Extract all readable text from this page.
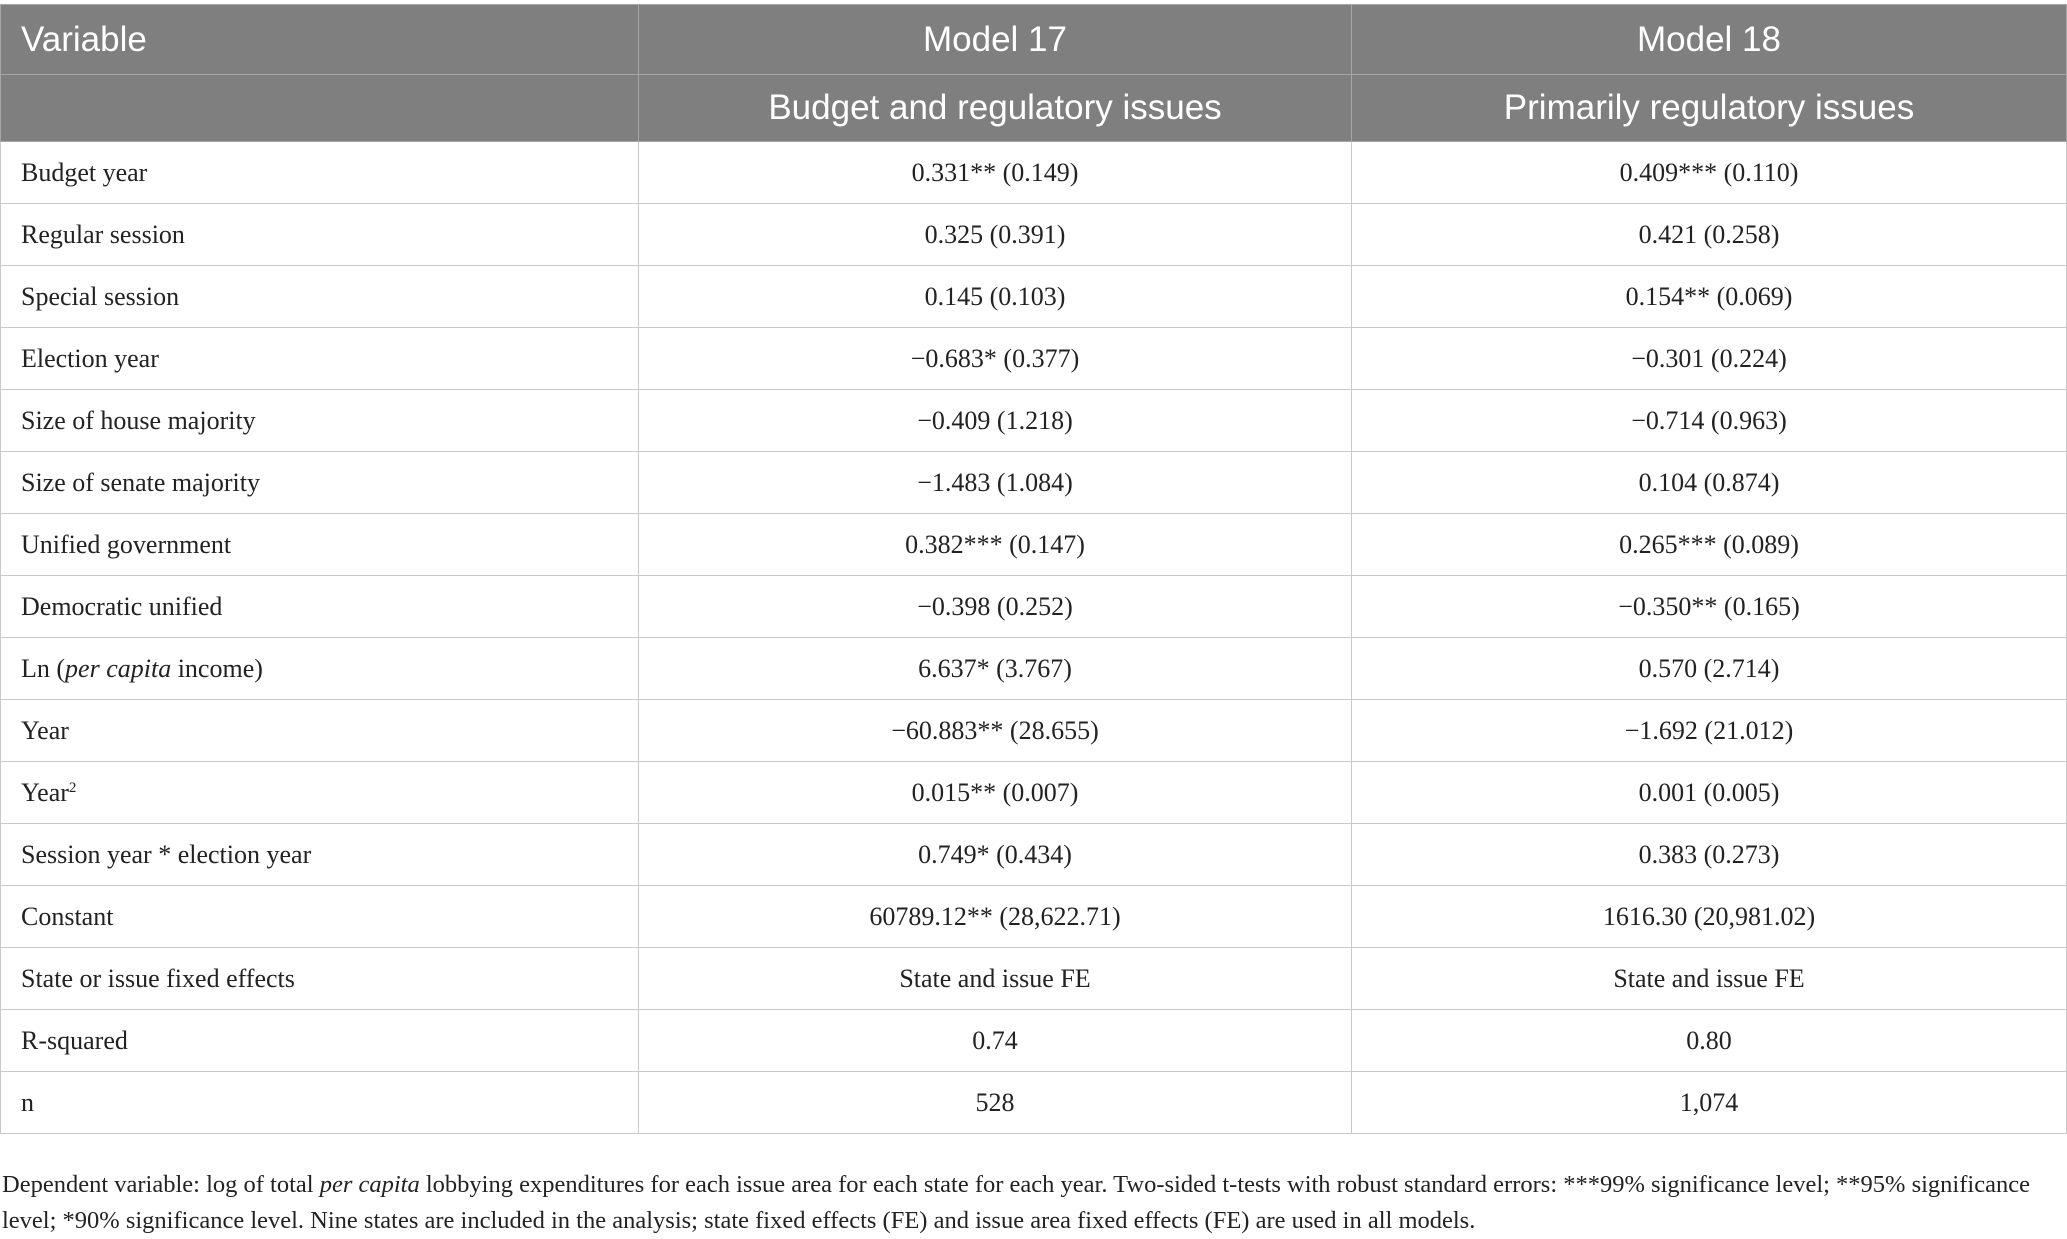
Variable	Model 17	Model 18
	Budget and regulatory issues	Primarily regulatory issues
Budget year	0.331** (0.149)	0.409*** (0.110)
Regular session	0.325 (0.391)	0.421 (0.258)
Special session	0.145 (0.103)	0.154** (0.069)
Election year	−0.683* (0.377)	−0.301 (0.224)
Size of house majority	−0.409 (1.218)	−0.714 (0.963)
Size of senate majority	−1.483 (1.084)	0.104 (0.874)
Unified government	0.382*** (0.147)	0.265*** (0.089)
Democratic unified	−0.398 (0.252)	−0.350** (0.165)
Ln (per capita income)	6.637* (3.767)	0.570 (2.714)
Year	−60.883** (28.655)	−1.692 (21.012)
Year$^2$	0.015** (0.007)	0.001 (0.005)
Session year * election year	0.749* (0.434)	0.383 (0.273)
Constant	60789.12** (28,622.71)	1616.30 (20,981.02)
State or issue fixed effects	State and issue FE	State and issue FE
R-squared	0.74	0.80
n	528	1,074

Dependent variable: log of total per capita lobbying expenditures for each issue area for each state for each year. Two-sided t-tests with robust standard errors: ***99% significance level; **95% significance level; *90% significance level. Nine states are included in the analysis; state fixed effects (FE) and issue area fixed effects (FE) are used in all models.
